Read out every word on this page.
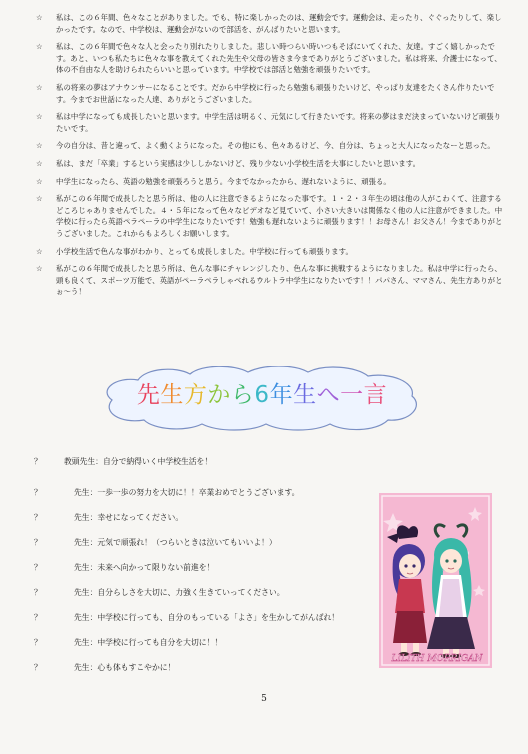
☆	私は、この６年間、色々なことがありました。でも、特に楽しかったのは、運動会です。運動会は、走ったり、ぐぐったりして、楽しかったです。なので、中学校は、運動会がないので部活を、がんばりたいと思います。
☆	私は、この６年間で色々な人と会ったり別れたりしました。悲しい時つらい時いつもそばにいてくれた、友達。すごく嬉しかったです。あと、いつも私たちに色々な事を教えてくれた先生や父母の皆さま今までありがとうございました。私は将来、介護士になって、体の不自由な人を助けられたらいいと思っています。中学校では部活と勉強を頑張りたいです。
☆	私の将来の夢はアナウンサーになることです。だから中学校に行ったら勉強も頑張りたいけど、やっぱり友達をたくさん作りたいです。今までお世話になった人達、ありがとうございました。
☆	私は中学になっても成長したいと思います。中学生活は明るく、元気にして行きたいです。将来の夢はまだ決まっていないけど頑張りたいです。
☆	今の自分は、昔と違って、よく動くようになった。その他にも、色々あるけど、今、自分は、ちょっと大人になったなーと思った。
☆	私は、まだ「卒業」するという実感は少ししかないけど、残り少ない小学校生活を大事にしたいと思います。
☆	中学生になったら、英語の勉強を頑張ろうと思う。今までなかったから、遅れないように、頑張る。
☆	私がこの６年間で成長したと思う所は、他の人に注意できるようになった事です。１・２・３年生の頃は他の人がこわくて、注意するどころじゃありませんでした。４・５年になって色々なビデオなど見ていて、小さい大きいは関係なく他の人に注意ができました。中学校に行ったら英語ペラペーラの中学生になりたいです！勉強も遅れないように頑張ります！！お母さん！お父さん！今までありがとうございました。これからもよろしくお願いします。
☆	小学校生活で色んな事がわかり、とっても成長しました。中学校に行っても頑張ります。
☆	私がこの６年間で成長したと思う所は、色んな事にチャレンジしたり、色んな事に挑戦するようになりました。私は中学に行ったら、頭も良くて、スポーツ万能で、英語がペーラペラしゃべれるウルトラ中学生になりたいです！！パパさん、ママさん、先生方ありがとぉ～う！
先生方から6年生へ一言
？	教頭先生：自分で納得いく中学校生活を！
？	先生：一歩一歩の努力を大切に！！卒業おめでとうございます。
？	先生：幸せになってください。
？	先生：元気で頑張れ！（つらいときは泣いてもいいよ！）
？	先生：未来へ向かって限りない前進を！
？	先生：自分らしさを大切に、力強く生きていってください。
？	先生：中学校に行っても、自分のもっている「よさ」を生かしてがんばれ！
？	先生：中学校に行っても自分を大切に！！
？	先生：心も体もすこやかに！
LILITH MORRIGAN
5
